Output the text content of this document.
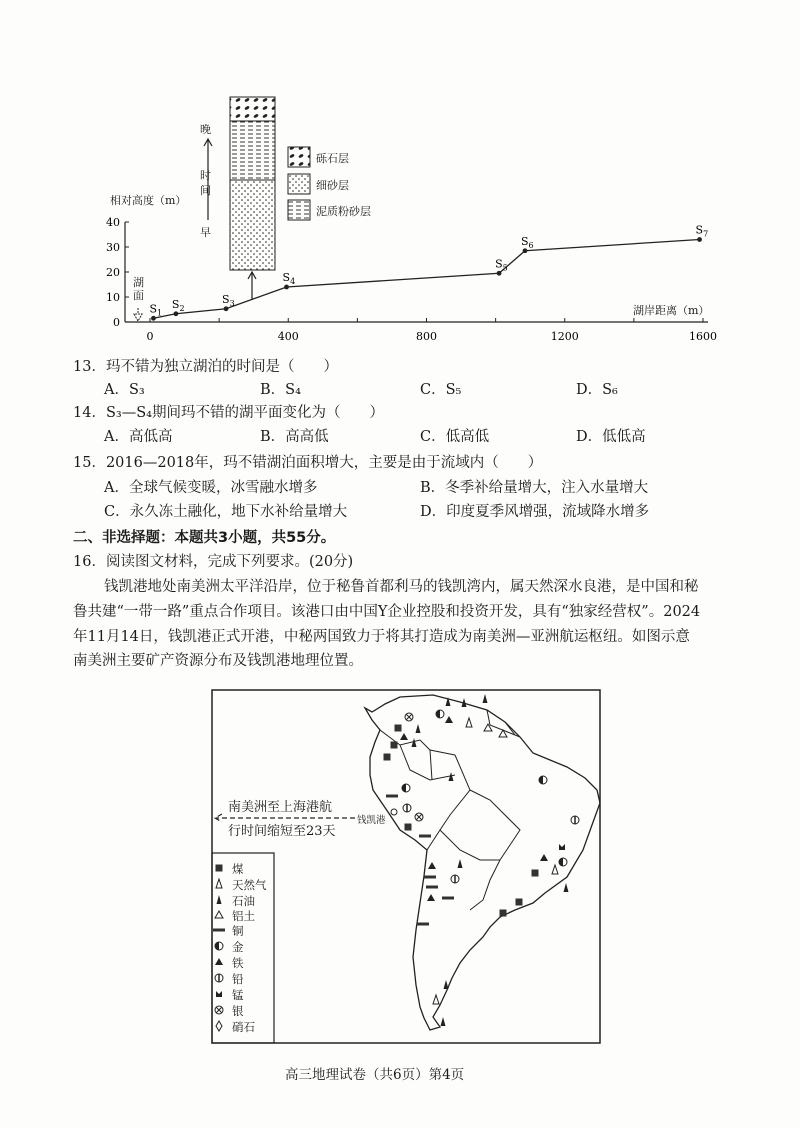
0
10
20
30
40
0	400	800	1200	1600
$S_1$
$S_2$
$S_3$
$S_4$
$S_5$
$S_6$
$S_7$
相对高度（m）
湖岸距离（m）
湖面
晚
时间
早
砾石层
细砂层
泥质粉砂层
13．玛不错为独立湖泊的时间是（　　）
A．S₃	B．S₄	C．S₅	D．S₆
14．S₃—S₄期间玛不错的湖平面变化为（　　）
A．高低高	B．高高低	C．低高低	D．低低高
15．2016—2018年，玛不错湖泊面积增大，主要是由于流域内（　　）
A．全球气候变暖，冰雪融水增多	B．冬季补给量增大，注入水量增大
C．永久冻土融化，地下水补给量增大	D．印度夏季风增强，流域降水增多
二、非选择题：本题共3小题，共55分。
16．阅读图文材料，完成下列要求。(20分)
钱凯港地处南美洲太平洋沿岸，位于秘鲁首都利马的钱凯湾内，属天然深水良港，是中国和秘
鲁共建“一带一路”重点合作项目。该港口由中国Y企业控股和投资开发，具有“独家经营权”。2024
年11月14日，钱凯港正式开港，中秘两国致力于将其打造成为南美洲—亚洲航运枢纽。如图示意
南美洲主要矿产资源分布及钱凯港地理位置。
南美洲至上海港航
行时间缩短至23天
钱凯港
煤
天然气
石油
铝土
铜
金
铁
铅
锰
银
硝石
高三地理试卷（共6页）第4页
